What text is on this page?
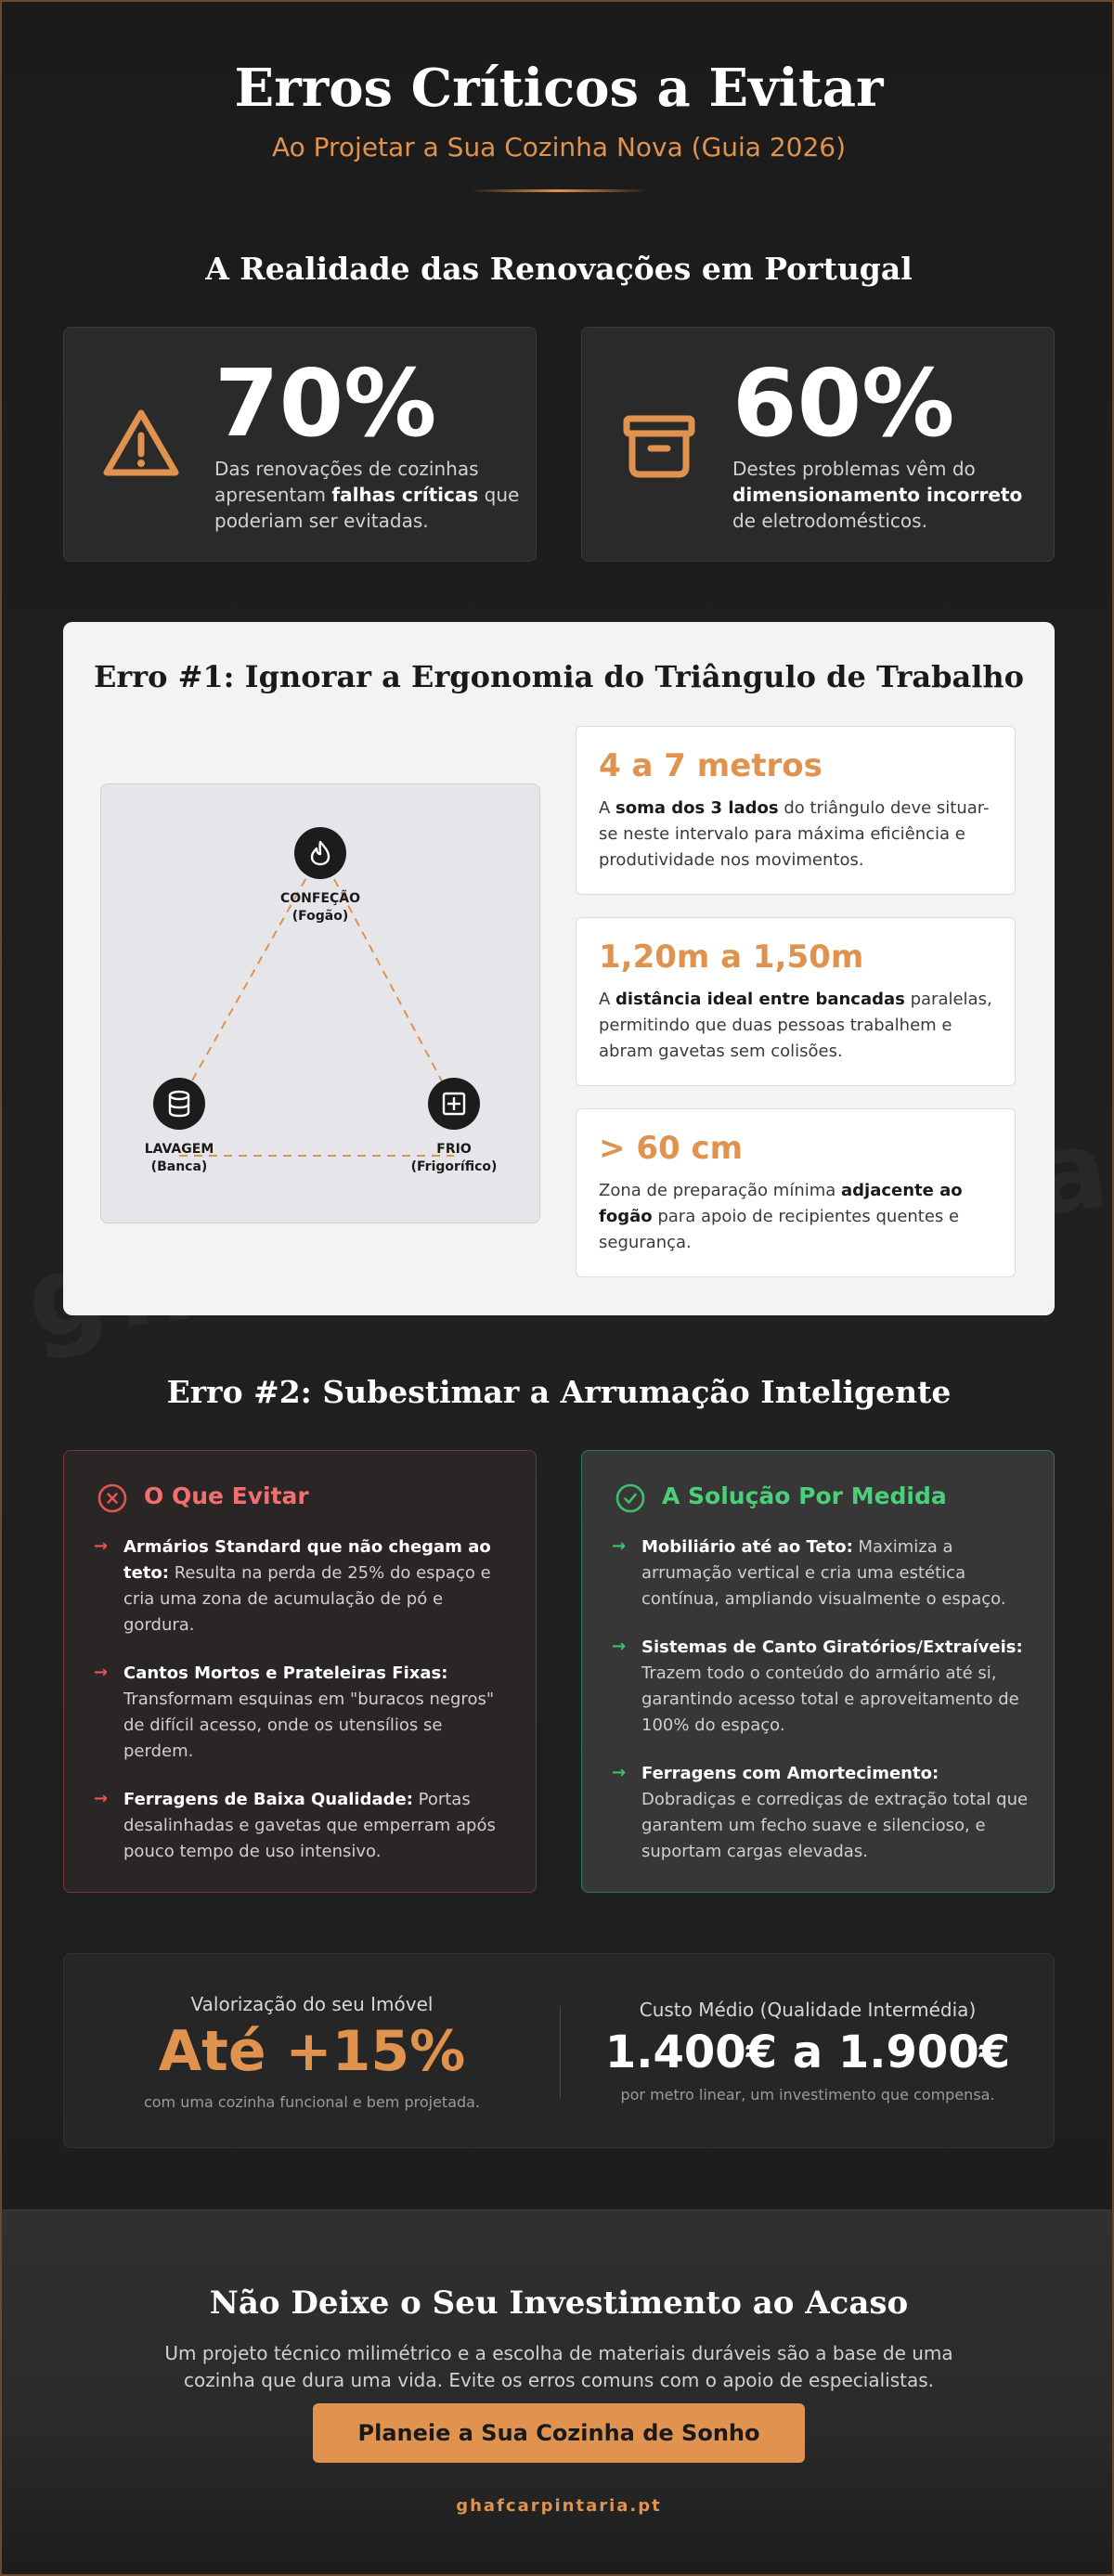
Erros Críticos a Evitar
Ao Projetar a Sua Cozinha Nova (Guia 2026)
A Realidade das Renovações em Portugal
70%
Das renovações de cozinhas apresentam falhas críticas que poderiam ser evitadas.
60%
Destes problemas vêm do dimensionamento incorreto de eletrodomésticos.
Erro #1: Ignorar a Ergonomia do Triângulo de Trabalho
CONFEÇÃO
(Fogão)
LAVAGEM
(Banca)
FRIO
(Frigorífico)
4 a 7 metros
A soma dos 3 lados do triângulo deve situar-se neste intervalo para máxima eficiência e produtividade nos movimentos.
1,20m a 1,50m
A distância ideal entre bancadas paralelas, permitindo que duas pessoas trabalhem e abram gavetas sem colisões.
> 60 cm
Zona de preparação mínima adjacente ao fogão para apoio de recipientes quentes e segurança.
Erro #2: Subestimar a Arrumação Inteligente
O Que Evitar
→ Armários Standard que não chegam ao teto: Resulta na perda de 25% do espaço e cria uma zona de acumulação de pó e gordura.
→ Cantos Mortos e Prateleiras Fixas: Transformam esquinas em "buracos negros" de difícil acesso, onde os utensílios se perdem.
→ Ferragens de Baixa Qualidade: Portas desalinhadas e gavetas que emperram após pouco tempo de uso intensivo.
A Solução Por Medida
→ Mobiliário até ao Teto: Maximiza a arrumação vertical e cria uma estética contínua, ampliando visualmente o espaço.
→ Sistemas de Canto Giratórios/Extraíveis: Trazem todo o conteúdo do armário até si, garantindo acesso total e aproveitamento de 100% do espaço.
→ Ferragens com Amortecimento: Dobradiças e corrediças de extração total que garantem um fecho suave e silencioso, e suportam cargas elevadas.
Valorização do seu Imóvel
Até +15%
com uma cozinha funcional e bem projetada.
Custo Médio (Qualidade Intermédia)
1.400€ a 1.900€
por metro linear, um investimento que compensa.
Não Deixe o Seu Investimento ao Acaso

Um projeto técnico milimétrico e a escolha de materiais duráveis são a base de uma cozinha que dura uma vida. Evite os erros comuns com o apoio de especialistas.

Planeie a Sua Cozinha de Sonho
ghafcarpintaria.pt
